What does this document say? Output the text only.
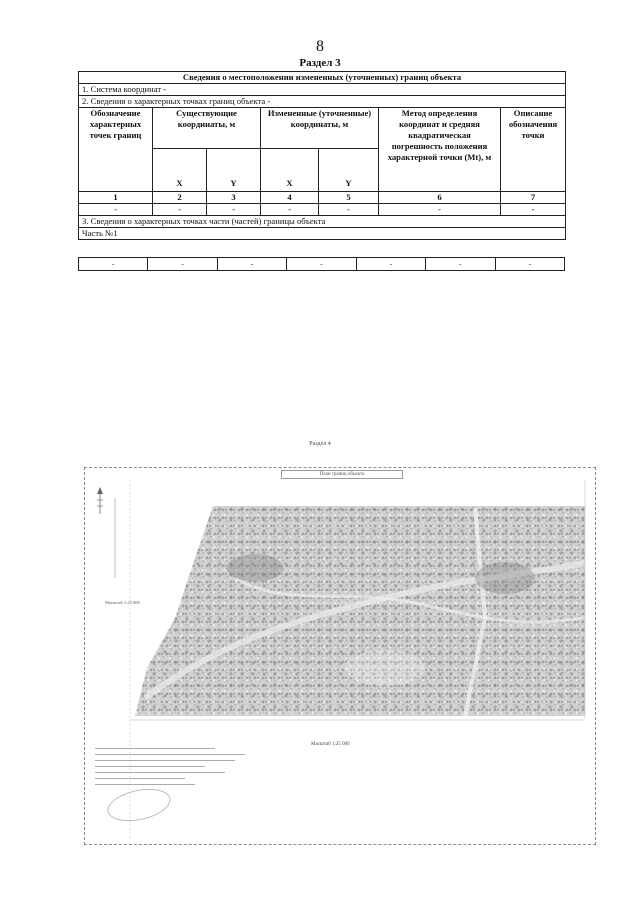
8
Раздел 3
Сведения о местоположении измененных (уточненных) границ объекта						
1. Система координат -						
2. Сведения о характерных точках границ объекта -						
Обозначение характерных точек границ	Существующие координаты, м		Измененные (уточненные) координаты, м		Метод определения координат и средняя квадратическая погрешность положения характерной точки (Mt), м	Описание обозначения точки
	X	Y	X	Y		
1	2	3	4	5	6	7
-	-	-	-	-	-	-
3. Сведения о характерных точках части (частей) границы объекта						
Часть №1						
-	-	-	-	-	-	-
Раздел 4
План границ объекта
Масштаб 1:25 000
Масштаб 1:25 000
